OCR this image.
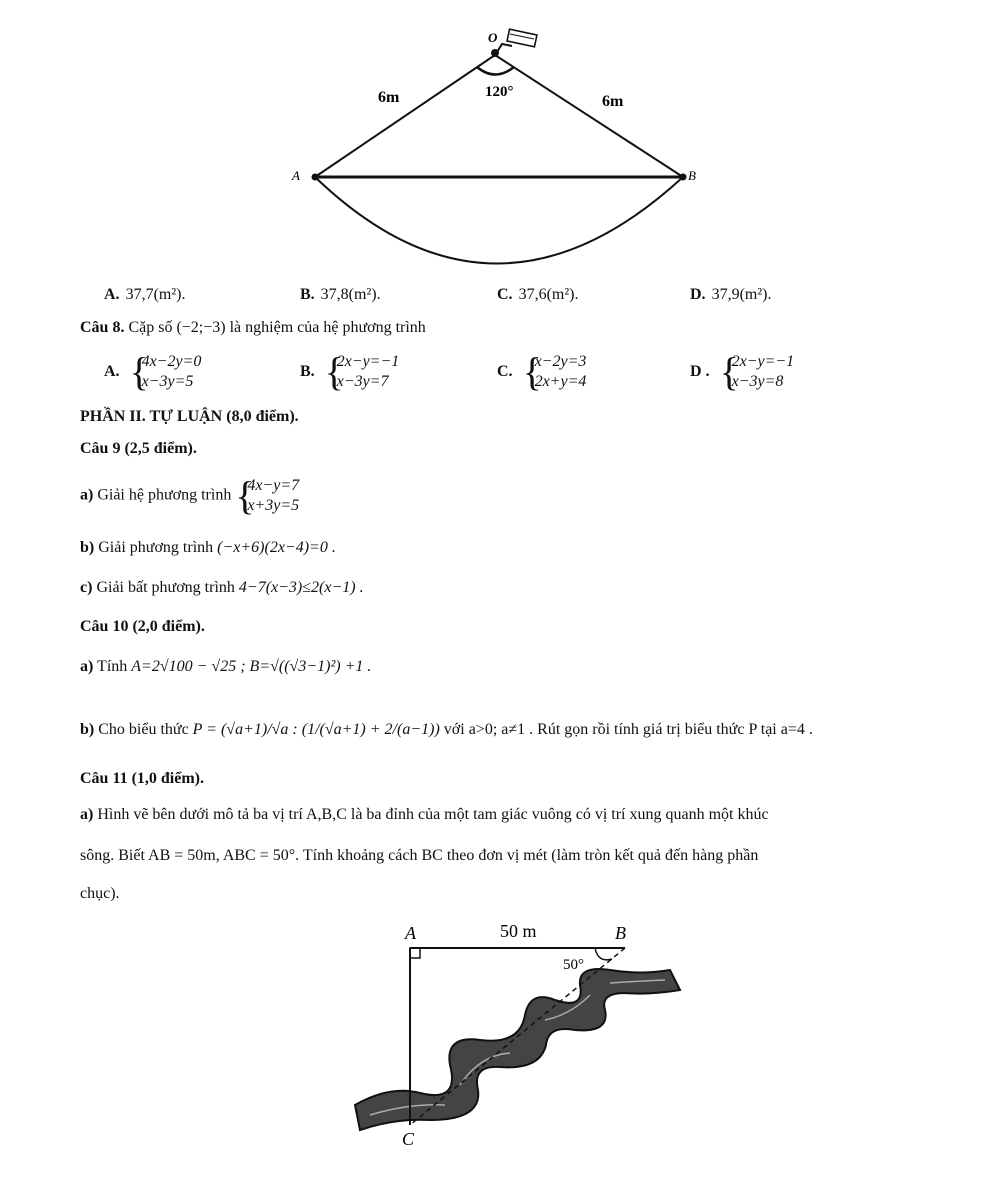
O
A	B
6m	6m
120°
A. 37,7(m²).	B. 37,8(m²).	C. 37,6(m²).	D. 37,9(m²).
Câu 8. Cặp số (−2;−3) là nghiệm của hệ phương trình
A. {
4x−2y=0
x−3y=5
B. {
2x−y=−1
x−3y=7
C. {
x−2y=3
2x+y=4
D . {
2x−y=−1
x−3y=8
PHẦN II. TỰ LUẬN (8,0 điểm).
Câu 9 (2,5 điểm).
a) Giải hệ phương trình {
4x−y=7
x+3y=5
b) Giải phương trình (−x+6)(2x−4)=0 .
c) Giải bất phương trình 4−7(x−3)≤2(x−1) .
Câu 10 (2,0 điểm).
a) Tính A=2√100 − √25 ; B=√((√3−1)²) +1 .
b) Cho biểu thức P = (√a+1)/√a : (1/(√a+1) + 2/(a−1)) với a>0; a≠1 . Rút gọn rồi tính giá trị biểu thức P tại a=4 .
Câu 11 (1,0 điểm).
a) Hình vẽ bên dưới mô tả ba vị trí A,B,C là ba đỉnh của một tam giác vuông có vị trí xung quanh một khúc
sông. Biết AB = 50m, ABC = 50°. Tính khoảng cách BC theo đơn vị mét (làm tròn kết quả đến hàng phần
chục).
A	B
C
50 m
50°
